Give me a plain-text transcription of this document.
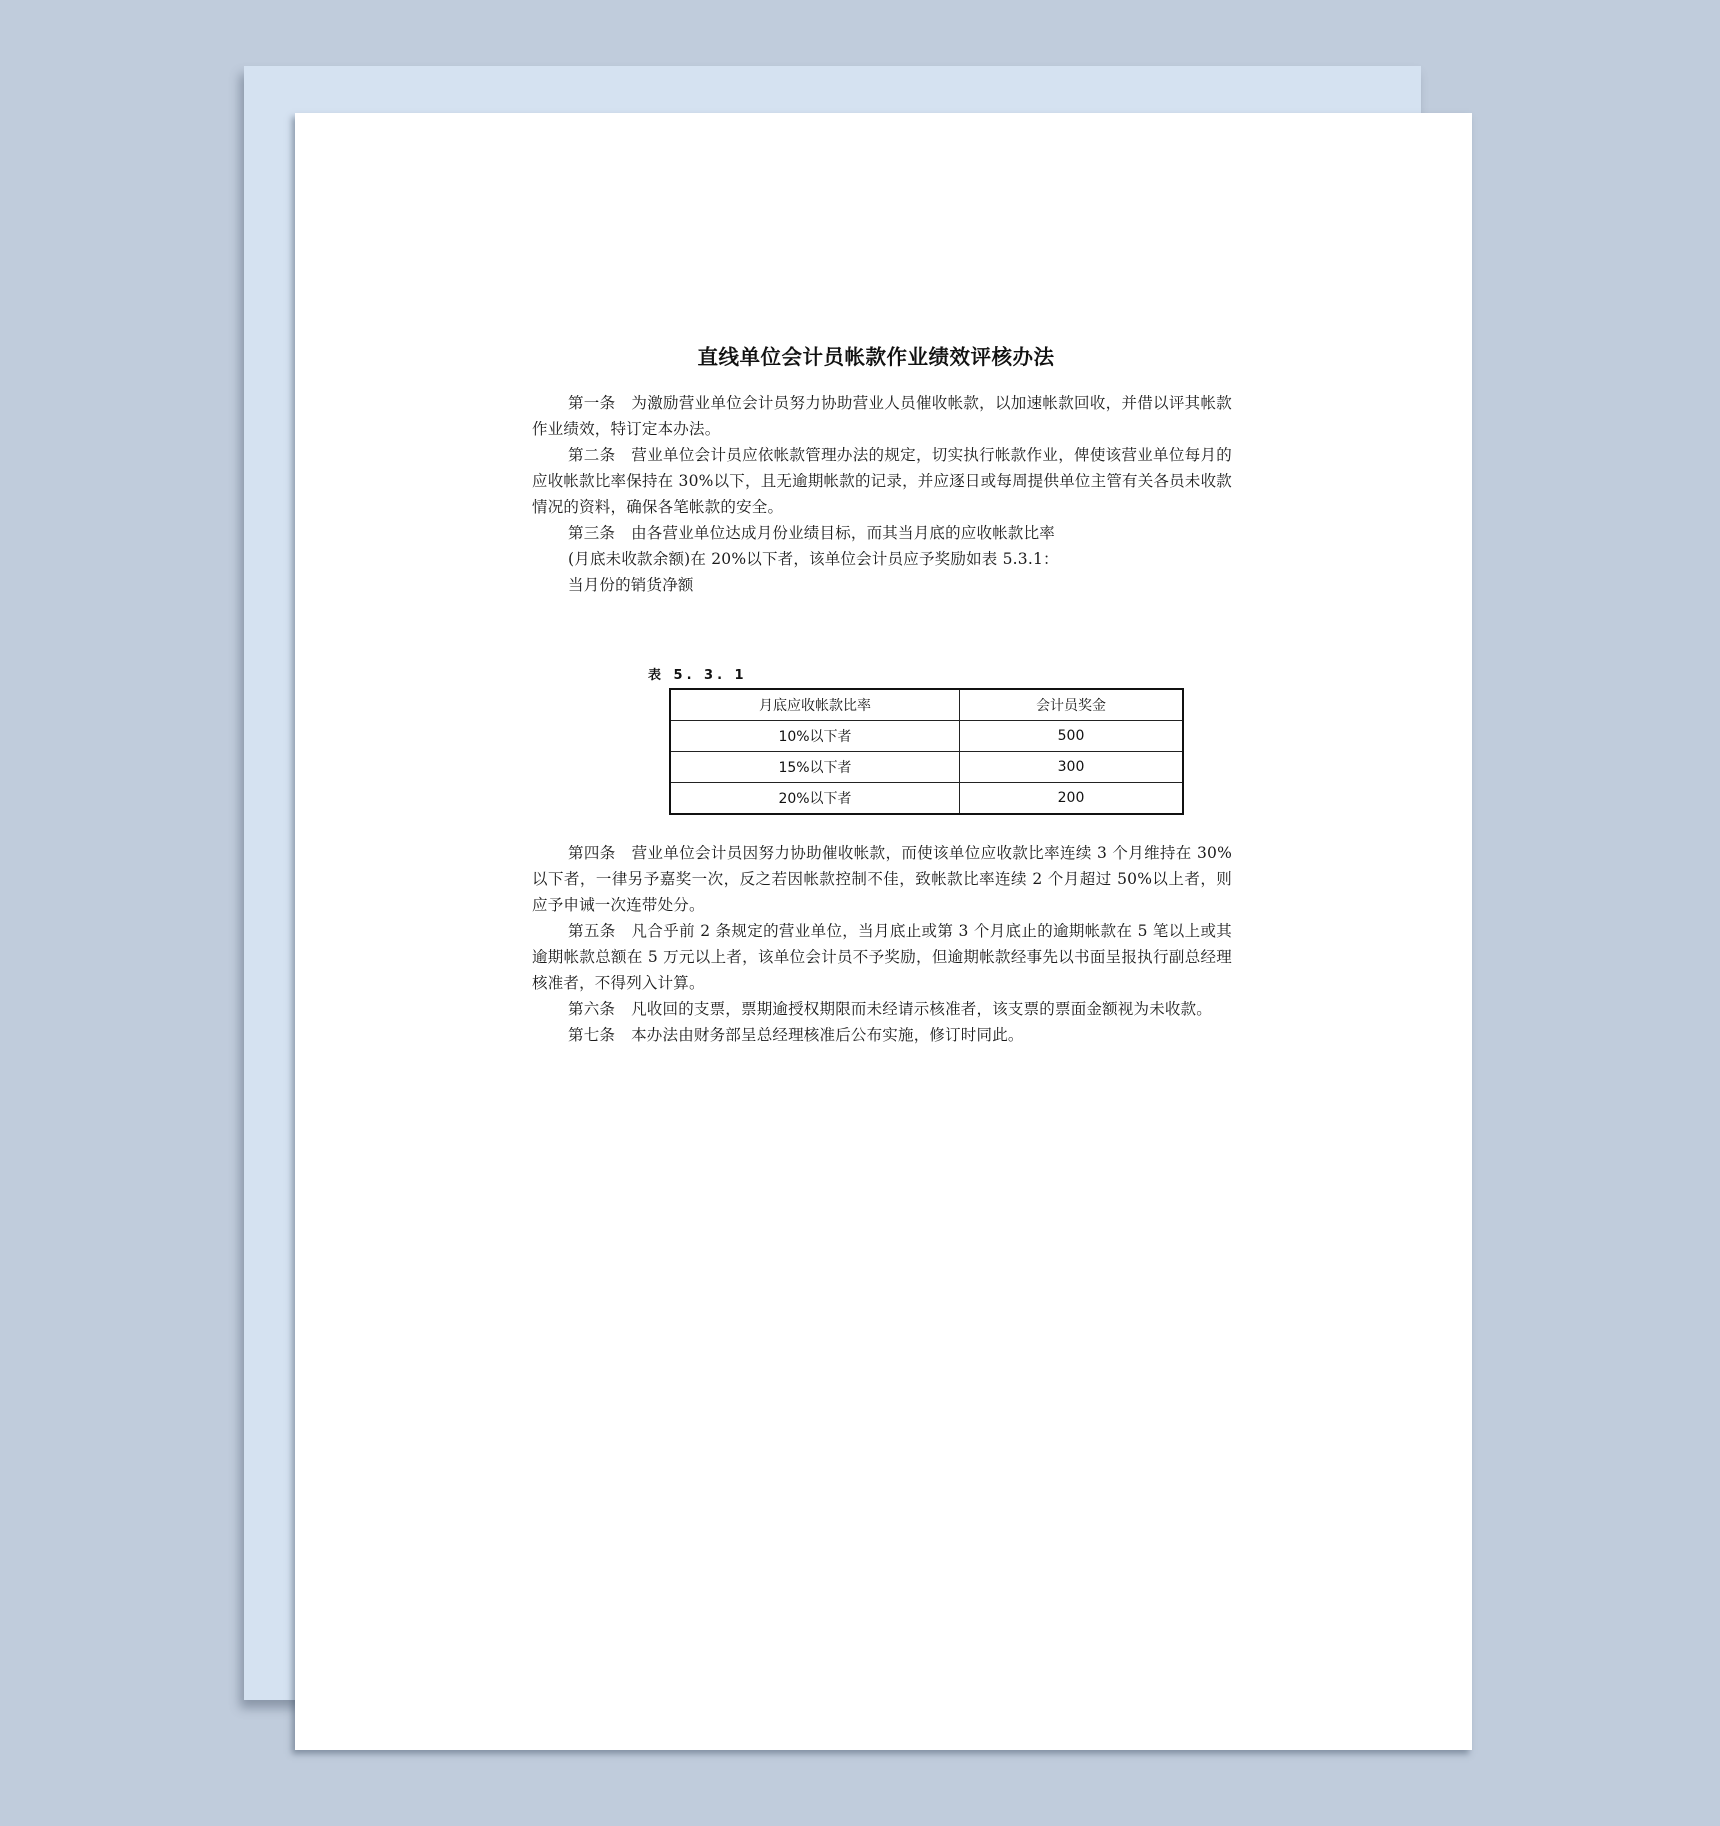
直线单位会计员帐款作业绩效评核办法

第一条 为激励营业单位会计员努力协助营业人员催收帐款，以加速帐款回收，并借以评其帐款作业绩效，特订定本办法。

第二条 营业单位会计员应依帐款管理办法的规定，切实执行帐款作业，俾使该营业单位每月的应收帐款比率保持在 30%以下，且无逾期帐款的记录，并应逐日或每周提供单位主管有关各员未收款情况的资料，确保各笔帐款的安全。

第三条 由各营业单位达成月份业绩目标，而其当月底的应收帐款比率

(月底未收款余额)在 20%以下者，该单位会计员应予奖励如表 5.3.1：

当月份的销货净额

表 5. 3. 1
月底应收帐款比率	会计员奖金
10%以下者	500
15%以下者	300
20%以下者	200

第四条 营业单位会计员因努力协助催收帐款，而使该单位应收款比率连续 3 个月维持在 30%以下者，一律另予嘉奖一次，反之若因帐款控制不佳，致帐款比率连续 2 个月超过 50%以上者，则应予申诫一次连带处分。

第五条 凡合乎前 2 条规定的营业单位，当月底止或第 3 个月底止的逾期帐款在 5 笔以上或其逾期帐款总额在 5 万元以上者，该单位会计员不予奖励，但逾期帐款经事先以书面呈报执行副总经理核准者，不得列入计算。

第六条 凡收回的支票，票期逾授权期限而未经请示核准者，该支票的票面金额视为未收款。

第七条 本办法由财务部呈总经理核准后公布实施，修订时同此。
